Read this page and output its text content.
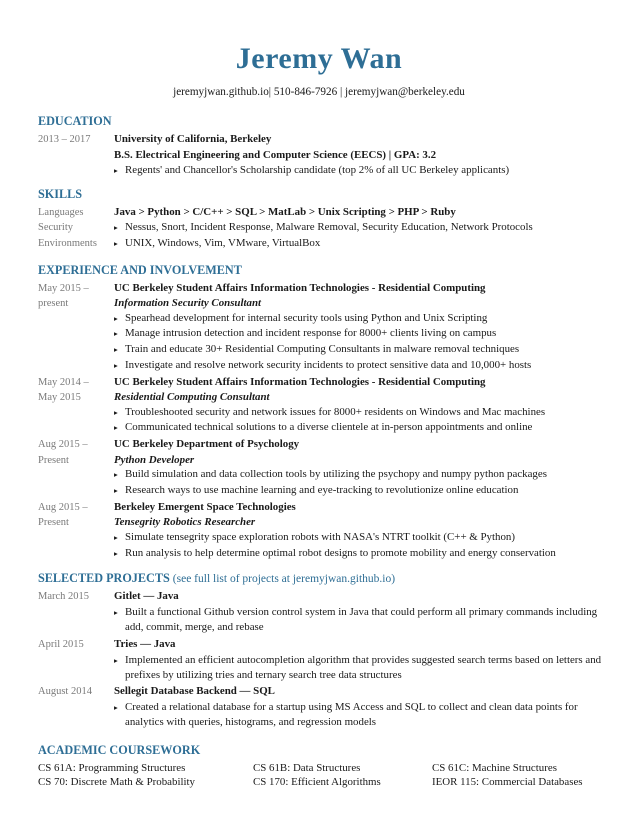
Jeremy Wan
jeremyjwan.github.io| 510-846-7926 | jeremyjwan@berkeley.edu
EDUCATION
2013 – 2017 University of California, Berkeley
B.S. Electrical Engineering and Computer Science (EECS) | GPA: 3.2
▸ Regents' and Chancellor's Scholarship candidate (top 2% of all UC Berkeley applicants)
SKILLS
Languages	Java > Python > C/C++ > SQL > MatLab > Unix Scripting > PHP > Ruby
Security	▸ Nessus, Snort, Incident Response, Malware Removal, Security Education, Network Protocols
Environments ▸ UNIX, Windows, Vim, VMware, VirtualBox
EXPERIENCE AND INVOLVEMENT
May 2015 –
present
UC Berkeley Student Affairs Information Technologies - Residential Computing
Information Security Consultant
▸ Spearhead development for internal security tools using Python and Unix Scripting
▸ Manage intrusion detection and incident response for 8000+ clients living on campus
▸ Train and educate 30+ Residential Computing Consultants in malware removal techniques
▸ Investigate and resolve network security incidents to protect sensitive data and 10,000+ hosts
May 2014 –
May 2015
UC Berkeley Student Affairs Information Technologies - Residential Computing
Residential Computing Consultant
▸ Troubleshooted security and network issues for 8000+ residents on Windows and Mac machines
▸ Communicated technical solutions to a diverse clientele at in-person appointments and online
Aug 2015 –
Present
UC Berkeley Department of Psychology
Python Developer
▸ Build simulation and data collection tools by utilizing the psychopy and numpy python packages
▸ Research ways to use machine learning and eye-tracking to revolutionize online education
Aug 2015 –
Present
Berkeley Emergent Space Technologies
Tensegrity Robotics Researcher
▸ Simulate tensegrity space exploration robots with NASA's NTRT toolkit (C++ & Python)
▸ Run analysis to help determine optimal robot designs to promote mobility and energy conservation
SELECTED PROJECTS (see full list of projects at jeremyjwan.github.io)
March 2015 Gitlet — Java
▸ Built a functional Github version control system in Java that could perform all primary commands including add, commit, merge, and rebase
April 2015	Tries — Java
▸ Implemented an efficient autocompletion algorithm that provides suggested search terms based on letters and prefixes by utilizing tries and ternary search tree data structures
August 2014 Sellegit Database Backend — SQL
▸ Created a relational database for a startup using MS Access and SQL to collect and clean data points for analytics with queries, histograms, and regression models
ACADEMIC COURSEWORK
CS 61A: Programming Structures	CS 61B: Data Structures	CS 61C: Machine Structures
CS 70: Discrete Math & Probability	CS 170: Efficient Algorithms	IEOR 115: Commercial Databases
